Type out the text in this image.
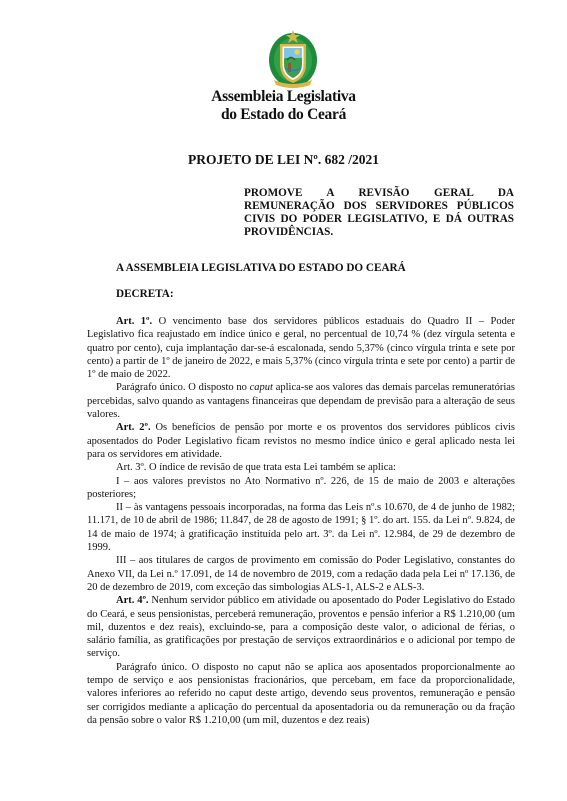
Assembleia Legislativa
do Estado do Ceará
PROJETO DE LEI Nº. 682 /2021
PROMOVE A REVISÃO GERAL DA
REMUNERAÇÃO DOS SERVIDORES PÚBLICOS
CIVIS DO PODER LEGISLATIVO, E DÁ OUTRAS
PROVIDÊNCIAS.
A ASSEMBLEIA LEGISLATIVA DO ESTADO DO CEARÁ
DECRETA:

Art. 1º. O vencimento base dos servidores públicos estaduais do Quadro II – Poder Legislativo fica reajustado em índice único e geral, no percentual de 10,74 % (dez vírgula setenta e quatro por cento), cuja implantação dar-se-á escalonada, sendo 5,37% (cinco vírgula trinta e sete por cento) a partir de 1º de janeiro de 2022, e mais 5,37% (cinco vírgula trinta e sete por cento) a partir de 1º de maio de 2022.

Parágrafo único. O disposto no caput aplica-se aos valores das demais parcelas remuneratórias percebidas, salvo quando as vantagens financeiras que dependam de previsão para a alteração de seus valores.

Art. 2º. Os benefícios de pensão por morte e os proventos dos servidores públicos civis aposentados do Poder Legislativo ficam revistos no mesmo índice único e geral aplicado nesta lei para os servidores em atividade.

Art. 3º. O índice de revisão de que trata esta Lei também se aplica:

I – aos valores previstos no Ato Normativo nº. 226, de 15 de maio de 2003 e alterações posteriores;

II – às vantagens pessoais incorporadas, na forma das Leis nº.s 10.670, de 4 de junho de 1982; 11.171, de 10 de abril de 1986; 11.847, de 28 de agosto de 1991; § 1º. do art. 155. da Lei nº. 9.824, de 14 de maio de 1974; à gratificação instituída pelo art. 3º. da Lei nº. 12.984, de 29 de dezembro de 1999.

III – aos titulares de cargos de provimento em comissão do Poder Legislativo, constantes do Anexo VII, da Lei n.º 17.091, de 14 de novembro de 2019, com a redação dada pela Lei nº 17.136, de 20 de dezembro de 2019, com exceção das simbologias ALS-1, ALS-2 e ALS-3.

Art. 4º. Nenhum servidor público em atividade ou aposentado do Poder Legislativo do Estado do Ceará, e seus pensionistas, perceberá remuneração, proventos e pensão inferior a R$ 1.210,00 (um mil, duzentos e dez reais), excluindo-se, para a composição deste valor, o adicional de férias, o salário família, as gratificações por prestação de serviços extraordinários e o adicional por tempo de serviço.

Parágrafo único. O disposto no caput não se aplica aos aposentados proporcionalmente ao tempo de serviço e aos pensionistas fracionários, que percebam, em face da proporcionalidade, valores inferiores ao referido no caput deste artigo, devendo seus proventos, remuneração e pensão ser corrigidos mediante a aplicação do percentual da aposentadoria ou da remuneração ou da fração da pensão sobre o valor R$ 1.210,00 (um mil, duzentos e dez reais)
